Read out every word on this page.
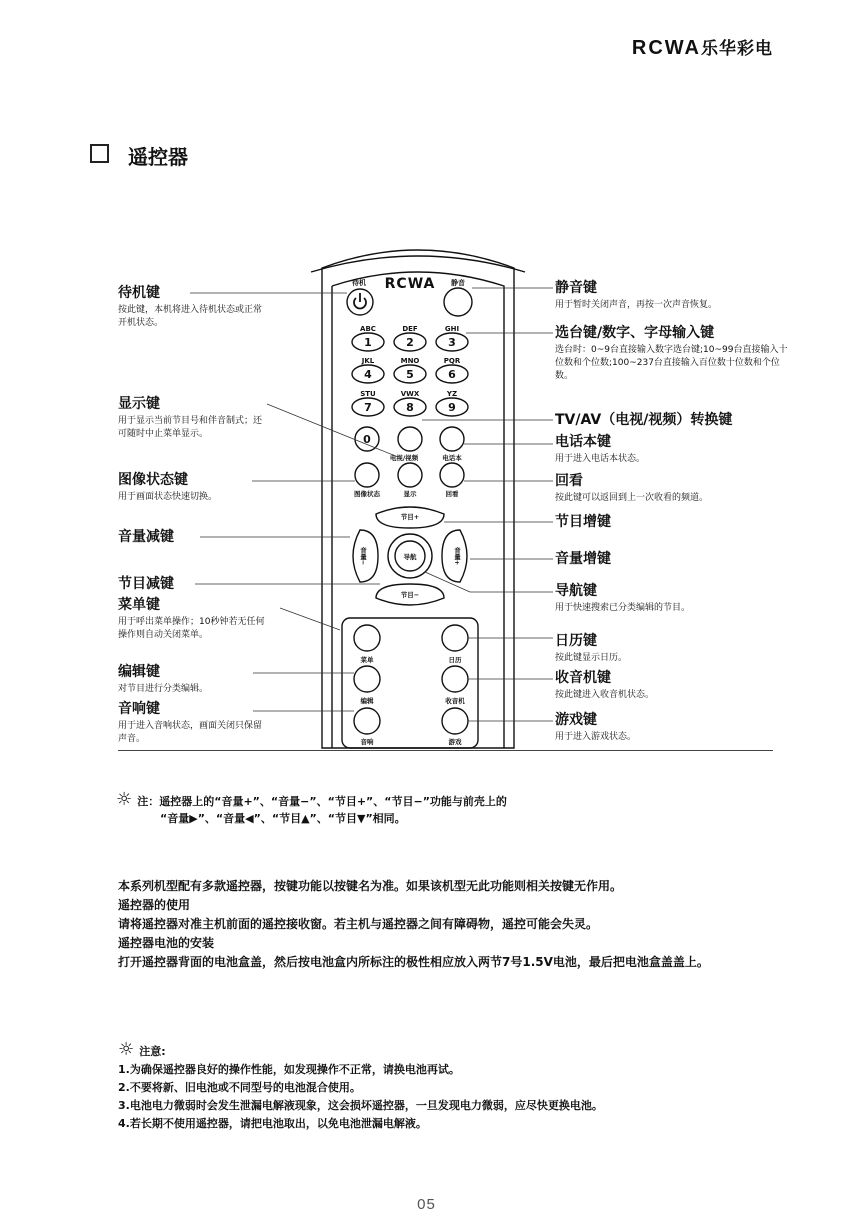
RCWA乐华彩电
遥控器
RCWA
待机	静音
ABC	DEF	GHI
JKL	MNO	PQR
STU	VWX	YZ
1	2	3
4	5	6
7	8	9
0
电视/视频	电话本
图像状态	显示	回看
节目+
节目−
导航
菜单	日历
编辑	收音机
音响	游戏
音量−	音量+
待机键
按此键，本机将进入待机状态或正常开机状态。
显示键
用于显示当前节目号和伴音制式；还可随时中止菜单显示。
图像状态键
用于画面状态快速切换。
音量减键
节目减键
菜单键
用于呼出菜单操作；10秒钟若无任何操作则自动关闭菜单。
编辑键
对节目进行分类编辑。
音响键
用于进入音响状态，画面关闭只保留声音。
静音键
用于暂时关闭声音，再按一次声音恢复。
选台键/数字、字母输入键
选台时：0~9台直接输入数字选台键;10~99台直接输入十位数和个位数;100~237台直接输入百位数十位数和个位数。
TV/AV（电视/视频）转换键
电话本键
用于进入电话本状态。
回看
按此键可以返回到上一次收看的频道。
节目增键
音量增键
导航键
用于快速搜索已分类编辑的节目。
日历键
按此键显示日历。
收音机键
按此键进入收音机状态。
游戏键
用于进入游戏状态。
☼ 注：遥控器上的“音量+”、“音量−”、“节目+”、“节目−”功能与前壳上的
“音量▶”、“音量◀”、“节目▲”、“节目▼”相同。
本系列机型配有多款遥控器，按键功能以按键名为准。如果该机型无此功能则相关按键无作用。
遥控器的使用
请将遥控器对准主机前面的遥控接收窗。若主机与遥控器之间有障碍物，遥控可能会失灵。
遥控器电池的安装
打开遥控器背面的电池盒盖，然后按电池盒内所标注的极性相应放入两节7号1.5V电池，最后把电池盒盖盖上。
☼ 注意:
1.为确保遥控器良好的操作性能，如发现操作不正常，请换电池再试。
2.不要将新、旧电池或不同型号的电池混合使用。
3.电池电力微弱时会发生泄漏电解液现象，这会损坏遥控器，一旦发现电力微弱，应尽快更换电池。
4.若长期不使用遥控器，请把电池取出，以免电池泄漏电解液。
05
